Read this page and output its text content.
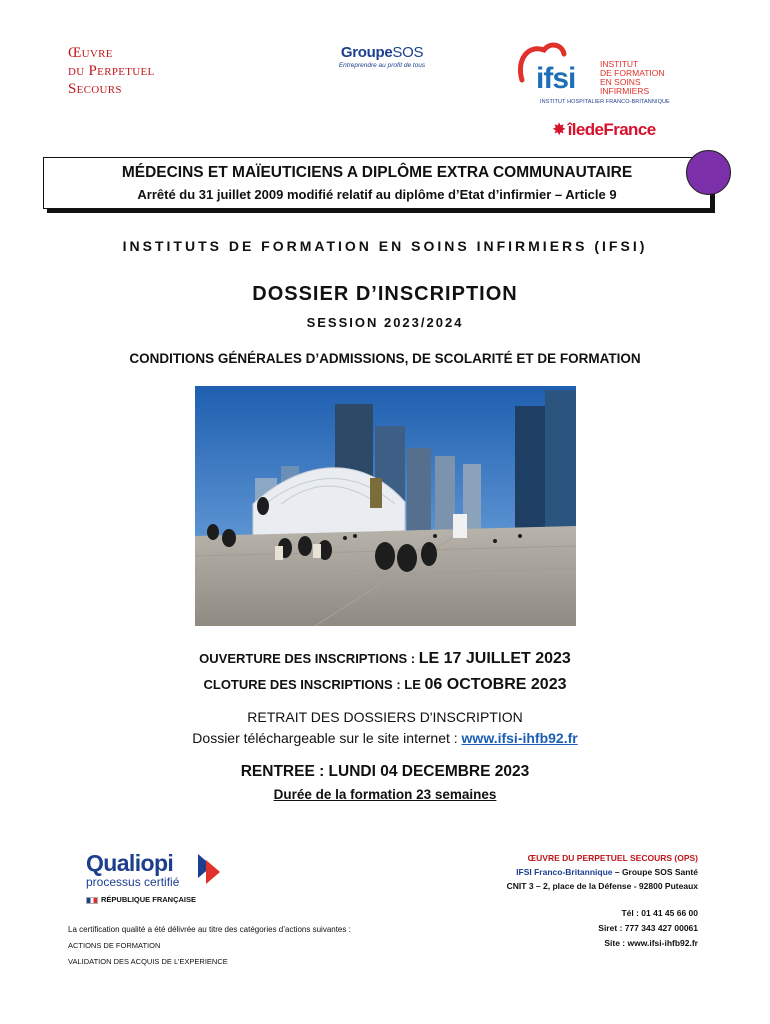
Œuvre
du Perpetuel
Secours
GroupeSOS
Entreprendre au profit de tous	ifsi	INSTITUT
DE FORMATION
EN SOINS
INFIRMIERS
INSTITUT HOSPITALIER FRANCO-BRITANNIQUE
✸ îledeFrance
MÉDECINS ET MAÏEUTICIENS A DIPLÔME EXTRA COMMUNAUTAIRE
Arrêté du 31 juillet 2009 modifié relatif au diplôme d’Etat d’infirmier – Article 9
INSTITUTS DE FORMATION EN SOINS INFIRMIERS (IFSI)
DOSSIER D’INSCRIPTION
SESSION 2023/2024
CONDITIONS GÉNÉRALES D’ADMISSIONS, DE SCOLARITÉ ET DE FORMATION
OUVERTURE DES INSCRIPTIONS : LE 17 JUILLET 2023
CLOTURE DES INSCRIPTIONS : LE 06 OCTOBRE 2023
RETRAIT DES DOSSIERS D'INSCRIPTION
Dossier téléchargeable sur le site internet : www.ifsi-ihfb92.fr
RENTREE : LUNDI 04 DECEMBRE 2023
Durée de la formation 23 semaines
Qualiopi
processus certifié
RÉPUBLIQUE FRANÇAISE
La certification qualité a été délivrée au titre des catégories d’actions suivantes :
ACTIONS DE FORMATION
VALIDATION DES ACQUIS DE L’EXPERIENCE
ŒUVRE DU PERPETUEL SECOURS (OPS)
IFSI Franco-Britannique – Groupe SOS Santé
CNIT 3 – 2, place de la Défense - 92800 Puteaux
Tél : 01 41 45 66 00
Siret : 777 343 427 00061
Site : www.ifsi-ihfb92.fr
